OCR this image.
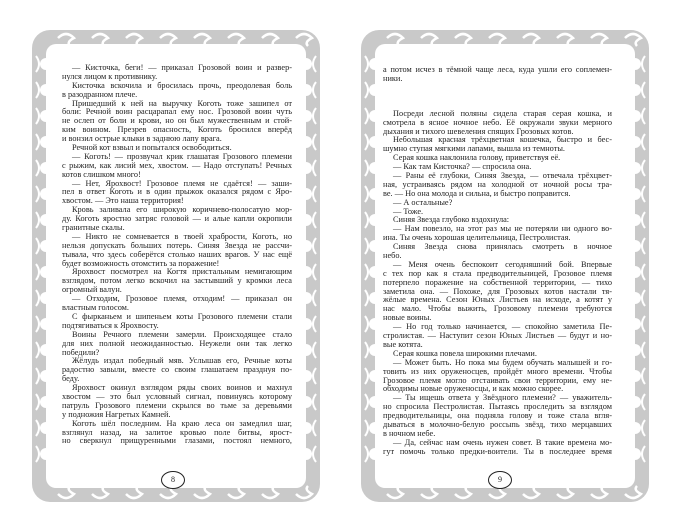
— Кисточка, беги! — приказал Грозовой воин и развер-
нулся лицом к противнику.
Кисточка вскочила и бросилась прочь, преодолевая боль
в разодранном плече.
Пришедший к ней на выручку Коготь тоже зашипел от
боли: Речной воин расцарапал ему нос. Грозовой воин чуть
не ослеп от боли и крови, но он был мужественным и стой-
ким воином. Презрев опасность, Коготь бросился вперёд
и вонзил острые клыки в заднюю лапу врага.
Речной кот взвыл и попытался освободиться.
— Коготь! — прозвучал крик глашатая Грозового племени
с рыжим, как лисий мех, хвостом. — Надо отступать! Речных
котов слишком много!
— Нет, Ярохвост! Грозовое племя не сдаётся! — заши-
пел в ответ Коготь и в один прыжок оказался рядом с Яро-
хвостом. — Это наша территория!
Кровь заливала его широкую коричнево-полосатую мор-
ду. Коготь яростно затряс головой — и алые капли окропили
гранитные скалы.
— Никто не сомневается в твоей храбрости, Коготь, но
нельзя допускать больших потерь. Синяя Звезда не рассчи-
тывала, что здесь соберётся столько наших врагов. У нас ещё
будет возможность отомстить за поражение!
Ярохвост посмотрел на Когтя пристальным немигающим
взглядом, потом легко вскочил на застывший у кромки леса
огромный валун.
— Отходим, Грозовое племя, отходим! — приказал он
властным голосом.
С фырканьем и шипеньем коты Грозового племени стали
подтягиваться к Ярохвосту.
Воины Речного племени замерли. Происходящее стало
для них полной неожиданностью. Неужели они так легко
победили?
Жёлудь издал победный мяв. Услышав его, Речные коты
радостно завыли, вместе со своим глашатаем празднуя по-
беду.
Ярохвост окинул взглядом ряды своих воинов и махнул
хвостом — это был условный сигнал, повинуясь которому
патруль Грозового племени скрылся во тьме за деревьями
у подножия Нагретых Камней.
Коготь шёл последним. На краю леса он замедлил шаг,
взглянул назад, на залитое кровью поле битвы, ярост-
но сверкнул прищуренными глазами, постоял немного,
8
а потом исчез в тёмной чаще леса, куда ушли его соплемен-
ники.
Посреди лесной поляны сидела старая серая кошка, и
смотрела в ясное ночное небо. Её окружали звуки мерного
дыхания и тихого шевеления спящих Грозовых котов.
Небольшая красная трёхцветная кошечка, быстро и бес-
шумно ступая мягкими лапами, вышла из темноты.
Серая кошка наклонила голову, приветствуя её.
— Как там Кисточка? — спросила она.
— Раны её глубоки, Синяя Звезда, — отвечала трёхцвет-
ная, устраиваясь рядом на холодной от ночной росы тра-
ве. — Но она молода и сильна, и быстро поправится.
— А остальные?
— Тоже.
Синяя Звезда глубоко вздохнула:
— Нам повезло, на этот раз мы не потеряли ни одного во-
ина. Ты очень хорошая целительница, Пестролистая.
Синяя Звезда снова принялась смотреть в ночное
небо.
— Меня очень беспокоит сегодняшний бой. Впервые
с тех пор как я стала предводительницей, Грозовое племя
потерпело поражение на собственной территории, — тихо
заметила она. — Похоже, для Грозовых котов настали тя-
жёлые времена. Сезон Юных Листьев на исходе, а котят у
нас мало. Чтобы выжить, Грозовому племени требуются
новые воины.
— Но год только начинается, — спокойно заметила Пе-
стролистая. — Наступит сезон Юных Листьев — будут и но-
вые котята.
Серая кошка повела широкими плечами.
— Может быть. Но пока мы будем обучать малышей и го-
товить из них оруженосцев, пройдёт много времени. Чтобы
Грозовое племя могло отстаивать свои территории, ему не-
обходимы новые оруженосцы, и как можно скорее.
— Ты ищешь ответа у Звёздного племени? — уважитель-
но спросила Пестролистая. Пытаясь проследить за взглядом
предводительницы, она подняла голову и тоже стала вгля-
дываться в молочно-белую россыпь звёзд, тихо мерцавших
в ночном небе.
— Да, сейчас нам очень нужен совет. В такие времена мо-
гут помочь только предки-воители. Ты в последнее время
9
